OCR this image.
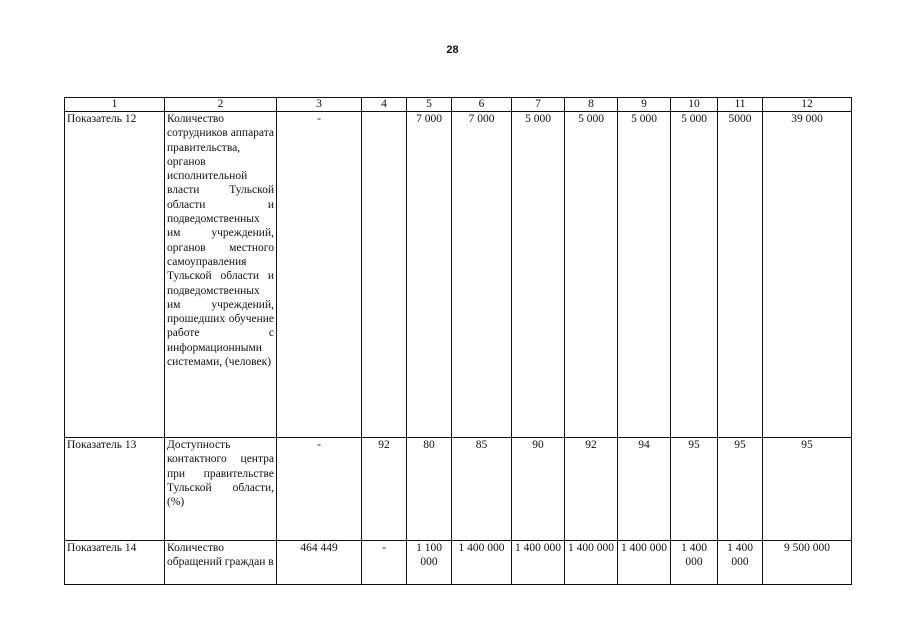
28
1	2	3	4	5	6	7	8	9	10	11	12
Показатель 12	Количество сотрудников аппарата правительства, органов исполнительной власти Тульской области и подведомственных им учреждений, органов местного самоуправления Тульской области и подведомственных им учреждений, прошедших обучение работе с информационными системами, (человек)	-		7 000	7 000	5 000	5 000	5 000	5 000	5000	39 000
Показатель 13	Доступность контактного центра при правительстве Тульской области, (%)	-	92	80	85	90	92	94	95	95	95
Показатель 14	Количество обращений граждан в	464 449	-	1 100 000	1 400 000	1 400 000	1 400 000	1 400 000	1 400 000	1 400 000	9 500 000
